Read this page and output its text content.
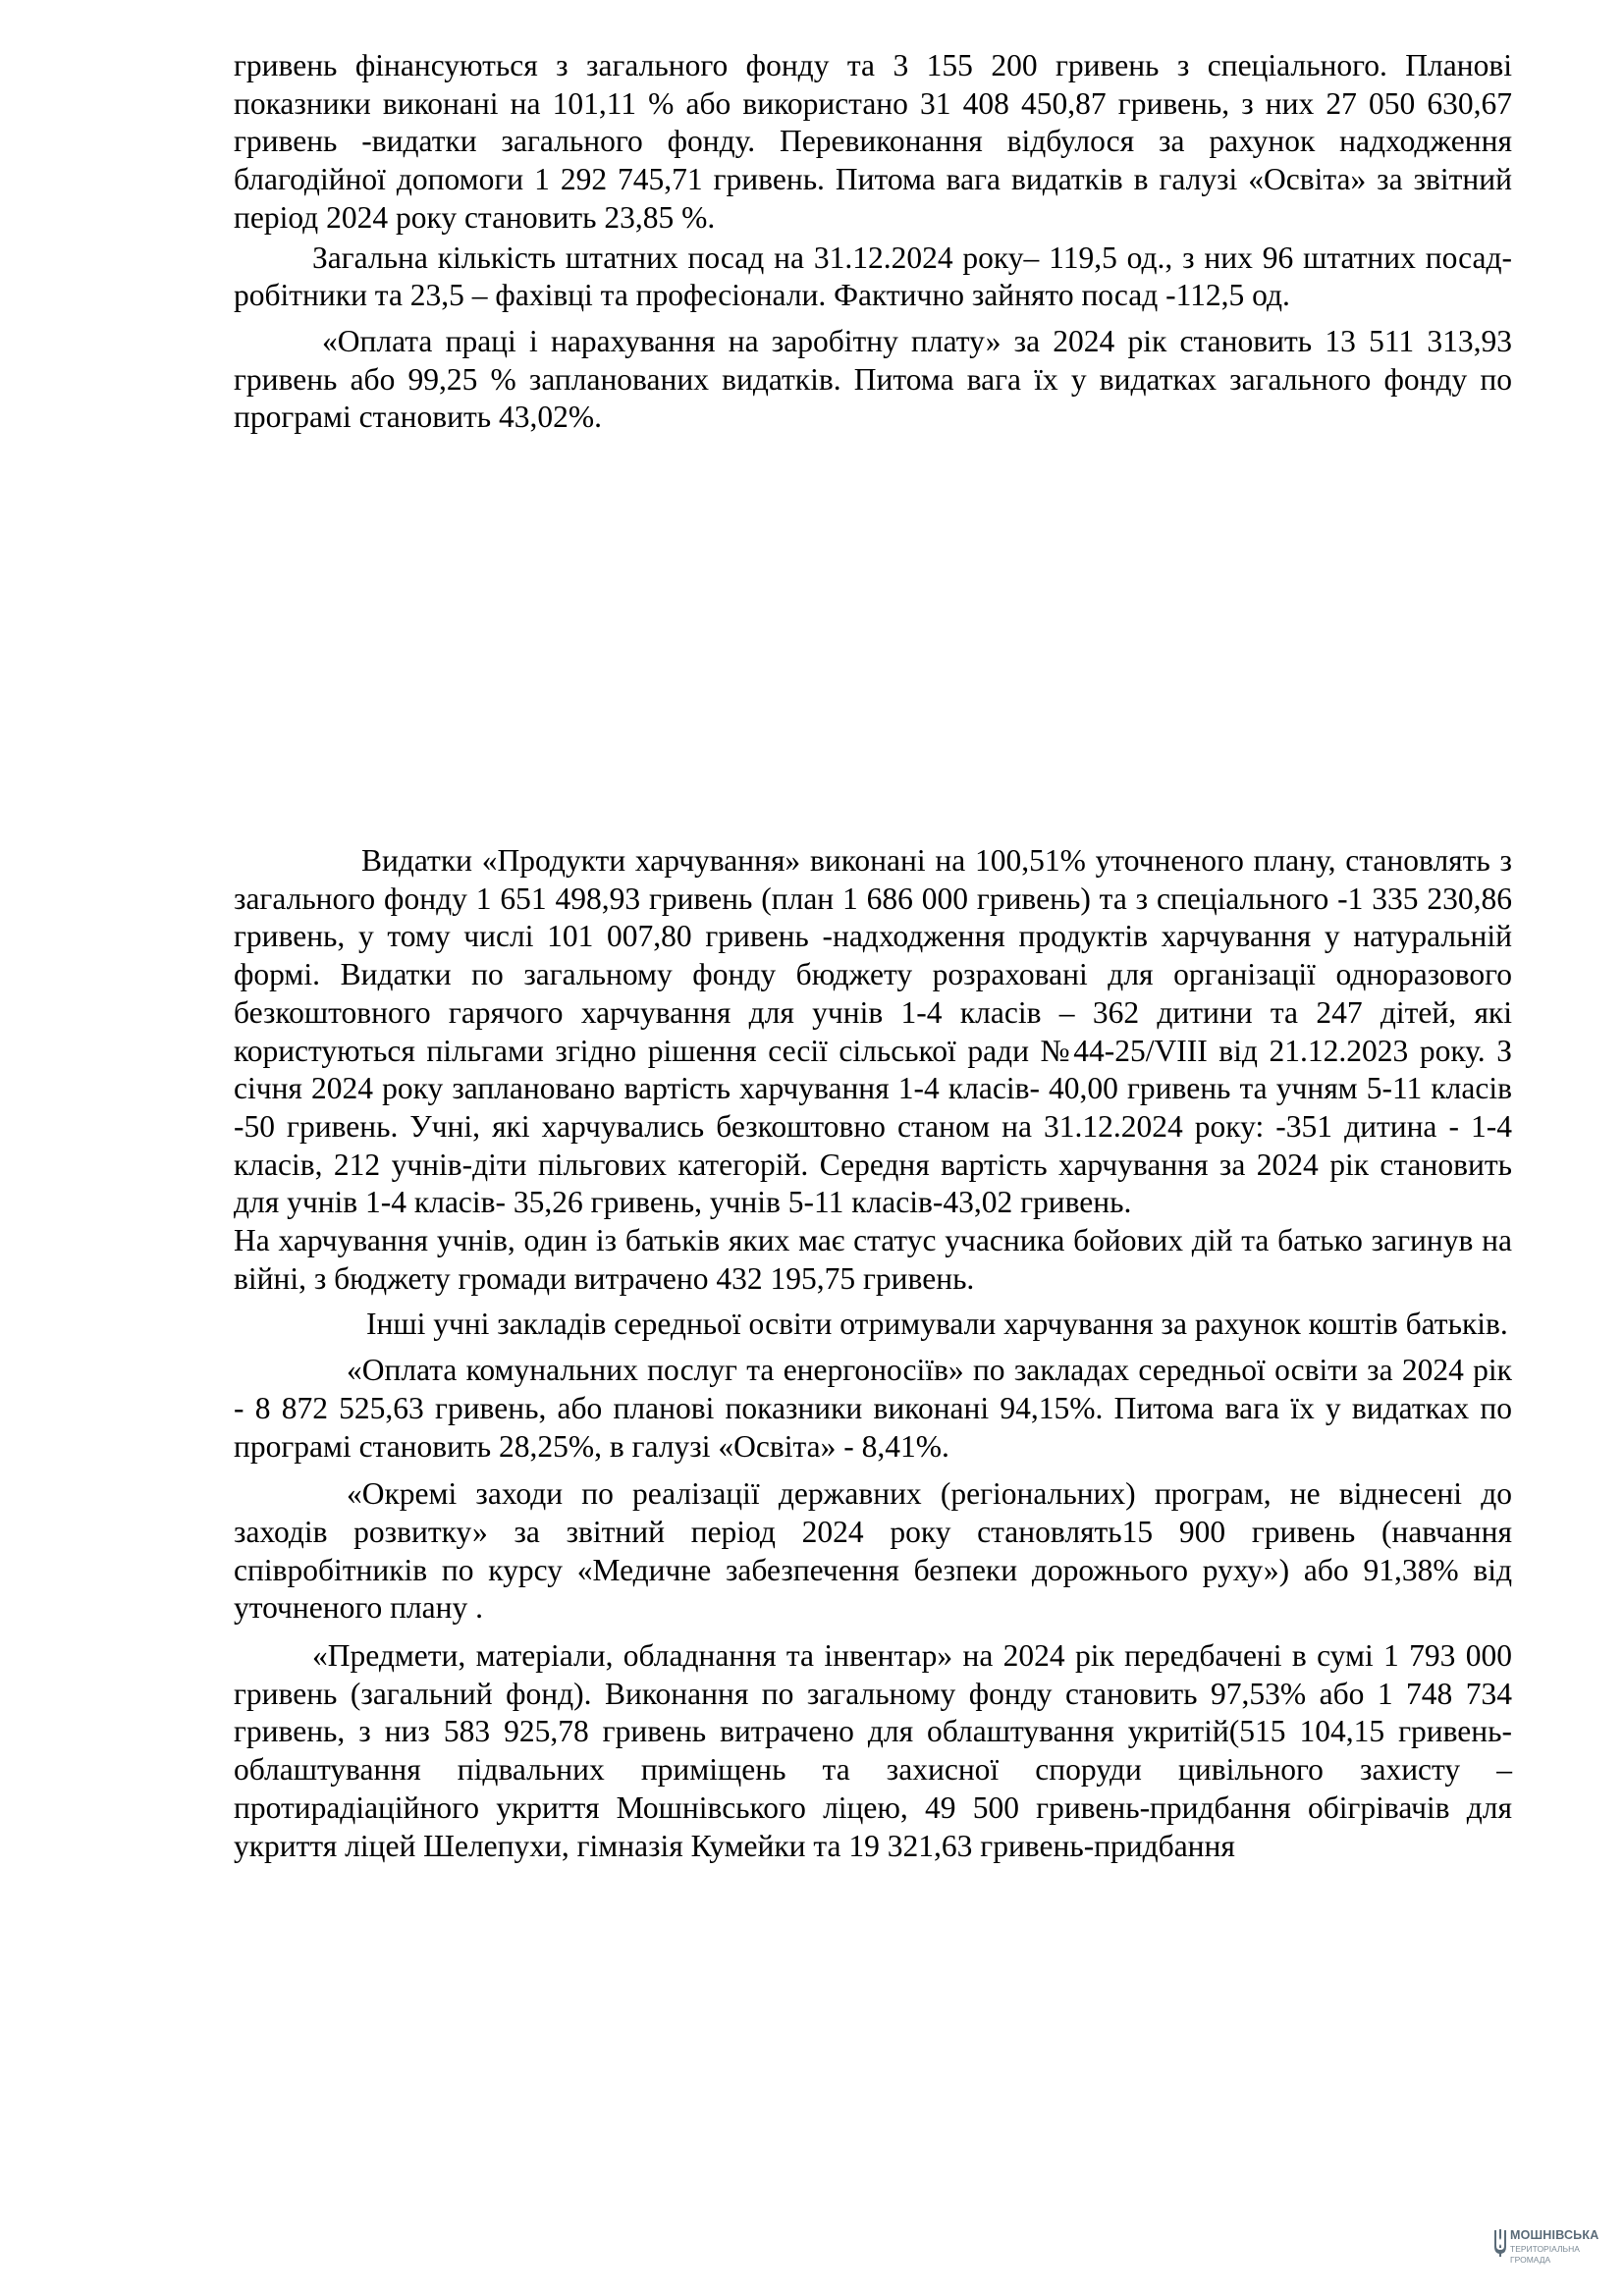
гривень фінансуються з загального фонду та 3 155 200 гривень з спеціального. Планові показники виконані на 101,11 % або використано 31 408 450,87 гривень, з них 27 050 630,67 гривень -видатки загального фонду. Перевиконання відбулося за рахунок надходження благодійної допомоги 1 292 745,71 гривень. Питома вага видатків в галузі «Освіта» за звітний період 2024 року становить 23,85 %.

Загальна кількість штатних посад на 31.12.2024 року– 119,5 од., з них 96 штатних посад- робітники та 23,5 – фахівці та професіонали. Фактично зайнято посад -112,5 од.

«Оплата праці і нарахування на заробітну плату» за 2024 рік становить 13 511 313,93 гривень або 99,25 % запланованих видатків. Питома вага їх у видатках загального фонду по програмі становить 43,02%.

Видатки «Продукти харчування» виконані на 100,51% уточненого плану, становлять з загального фонду 1 651 498,93 гривень (план 1 686 000 гривень) та з спеціального -1 335 230,86 гривень, у тому числі 101 007,80 гривень -надходження продуктів харчування у натуральній формі. Видатки по загальному фонду бюджету розраховані для організації одноразового безкоштовного гарячого харчування для учнів 1-4 класів – 362 дитини та 247 дітей, які користуються пільгами згідно рішення сесії сільської ради №44-25/VIII від 21.12.2023 року. З січня 2024 року заплановано вартість харчування 1-4 класів- 40,00 гривень та учням 5-11 класів -50 гривень. Учні, які харчувались безкоштовно станом на 31.12.2024 року: -351 дитина - 1-4 класів, 212 учнів-діти пільгових категорій. Середня вартість харчування за 2024 рік становить для учнів 1-4 класів- 35,26 гривень, учнів 5-11 класів-43,02 гривень.

На харчування учнів, один із батьків яких має статус учасника бойових дій та батько загинув на війні, з бюджету громади витрачено 432 195,75 гривень.

Інші учні закладів середньої освіти отримували харчування за рахунок коштів батьків.

«Оплата комунальних послуг та енергоносіїв» по закладах середньої освіти за 2024 рік - 8 872 525,63 гривень, або планові показники виконані 94,15%. Питома вага їх у видатках по програмі становить 28,25%, в галузі «Освіта» - 8,41%.

«Окремі заходи по реалізації державних (регіональних) програм, не віднесені до заходів розвитку» за звітний період 2024 року становлять15 900 гривень (навчання співробітників по курсу «Медичне забезпечення безпеки дорожнього руху») або 91,38% від уточненого плану .

«Предмети, матеріали, обладнання та інвентар» на 2024 рік передбачені в сумі 1 793 000 гривень (загальний фонд). Виконання по загальному фонду становить 97,53% або 1 748 734 гривень, з низ 583 925,78 гривень витрачено для облаштування укритій(515 104,15 гривень-облаштування підвальних приміщень та захисної споруди цивільного захисту – протирадіаційного укриття Мошнівського ліцею, 49 500 гривень-придбання обігрівачів для укриття ліцей Шелепухи, гімназія Кумейки та 19 321,63 гривень-придбання

МОШНІВСЬКА
ТЕРИТОРІАЛЬНА
ГРОМАДА
